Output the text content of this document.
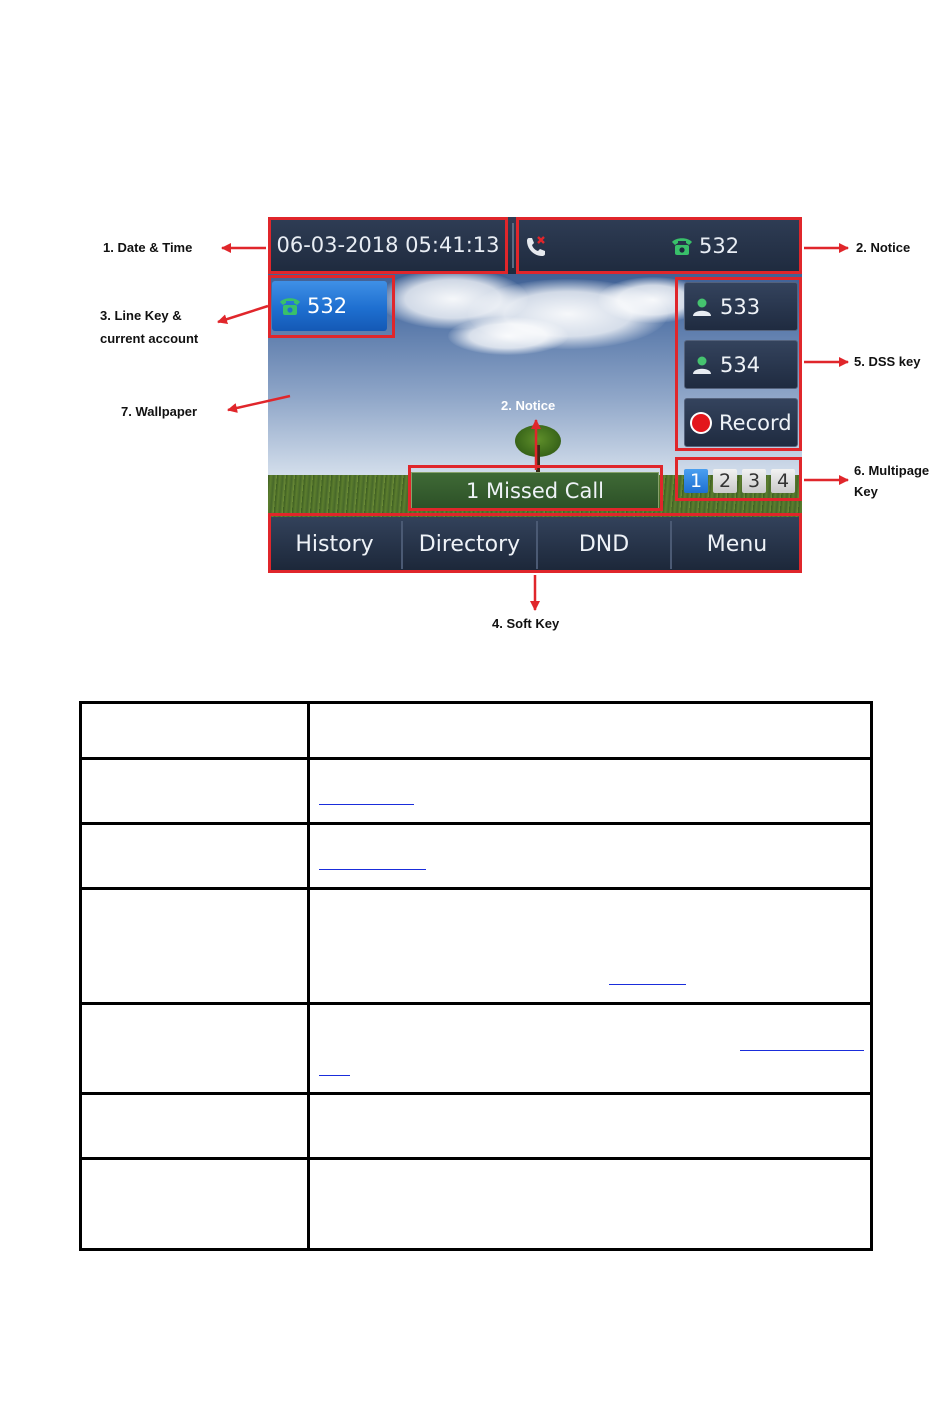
06-03-2018 05:41:13	532
532	533
534
Record
1 2 3 4
1 Missed Call
History	Directory	DND	Menu
1. Date & Time	2. Notice
3. Line Key &
current account
7. Wallpaper	2. Notice
5. DSS key
6. Multipage
Key
4. Soft Key
